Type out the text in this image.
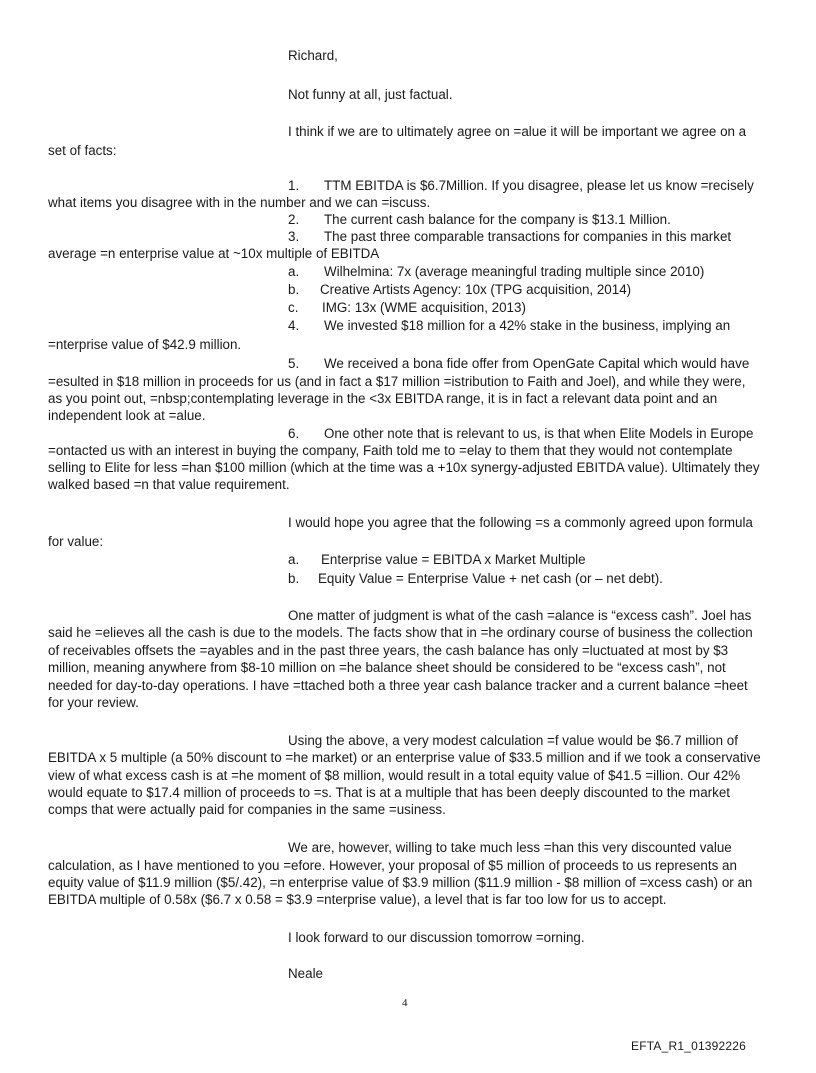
Richard,

Not funny at all, just factual.

I think if we are to ultimately agree on =alue it will be important we agree on a

set of facts:

1. TTM EBITDA is $6.7Million. If you disagree, please let us know =recisely

what items you disagree with in the number and we can =iscuss.

2. The current cash balance for the company is $13.1 Million.

3. The past three comparable transactions for companies in this market

average =n enterprise value at ~10x multiple of EBITDA

a. Wilhelmina: 7x (average meaningful trading multiple since 2010)

b. Creative Artists Agency: 10x (TPG acquisition, 2014)

c. IMG: 13x (WME acquisition, 2013)

4. We invested $18 million for a 42% stake in the business, implying an

=nterprise value of $42.9 million.

5. We received a bona fide offer from OpenGate Capital which would have

=esulted in $18 million in proceeds for us (and in fact a $17 million =istribution to Faith and Joel), and while they were,

as you point out, =nbsp;contemplating leverage in the <3x EBITDA range, it is in fact a relevant data point and an

independent look at =alue.

6. One other note that is relevant to us, is that when Elite Models in Europe

=ontacted us with an interest in buying the company, Faith told me to =elay to them that they would not contemplate

selling to Elite for less =han $100 million (which at the time was a +10x synergy-adjusted EBITDA value). Ultimately they

walked based =n that value requirement.

I would hope you agree that the following =s a commonly agreed upon formula

for value:

a. Enterprise value = EBITDA x Market Multiple

b. Equity Value = Enterprise Value + net cash (or – net debt).

One matter of judgment is what of the cash =alance is “excess cash”. Joel has

said he =elieves all the cash is due to the models. The facts show that in =he ordinary course of business the collection

of receivables offsets the =ayables and in the past three years, the cash balance has only =luctuated at most by $3

million, meaning anywhere from $8-10 million on =he balance sheet should be considered to be “excess cash”, not

needed for day-to-day operations. I have =ttached both a three year cash balance tracker and a current balance =heet

for your review.

Using the above, a very modest calculation =f value would be $6.7 million of

EBITDA x 5 multiple (a 50% discount to =he market) or an enterprise value of $33.5 million and if we took a conservative

view of what excess cash is at =he moment of $8 million, would result in a total equity value of $41.5 =illion. Our 42%

would equate to $17.4 million of proceeds to =s. That is at a multiple that has been deeply discounted to the market

comps that were actually paid for companies in the same =usiness.

We are, however, willing to take much less =han this very discounted value

calculation, as I have mentioned to you =efore. However, your proposal of $5 million of proceeds to us represents an

equity value of $11.9 million ($5/.42), =n enterprise value of $3.9 million ($11.9 million - $8 million of =xcess cash) or an

EBITDA multiple of 0.58x ($6.7 x 0.58 = $3.9 =nterprise value), a level that is far too low for us to accept.

I look forward to our discussion tomorrow =orning.

Neale

4
EFTA_R1_01392226
